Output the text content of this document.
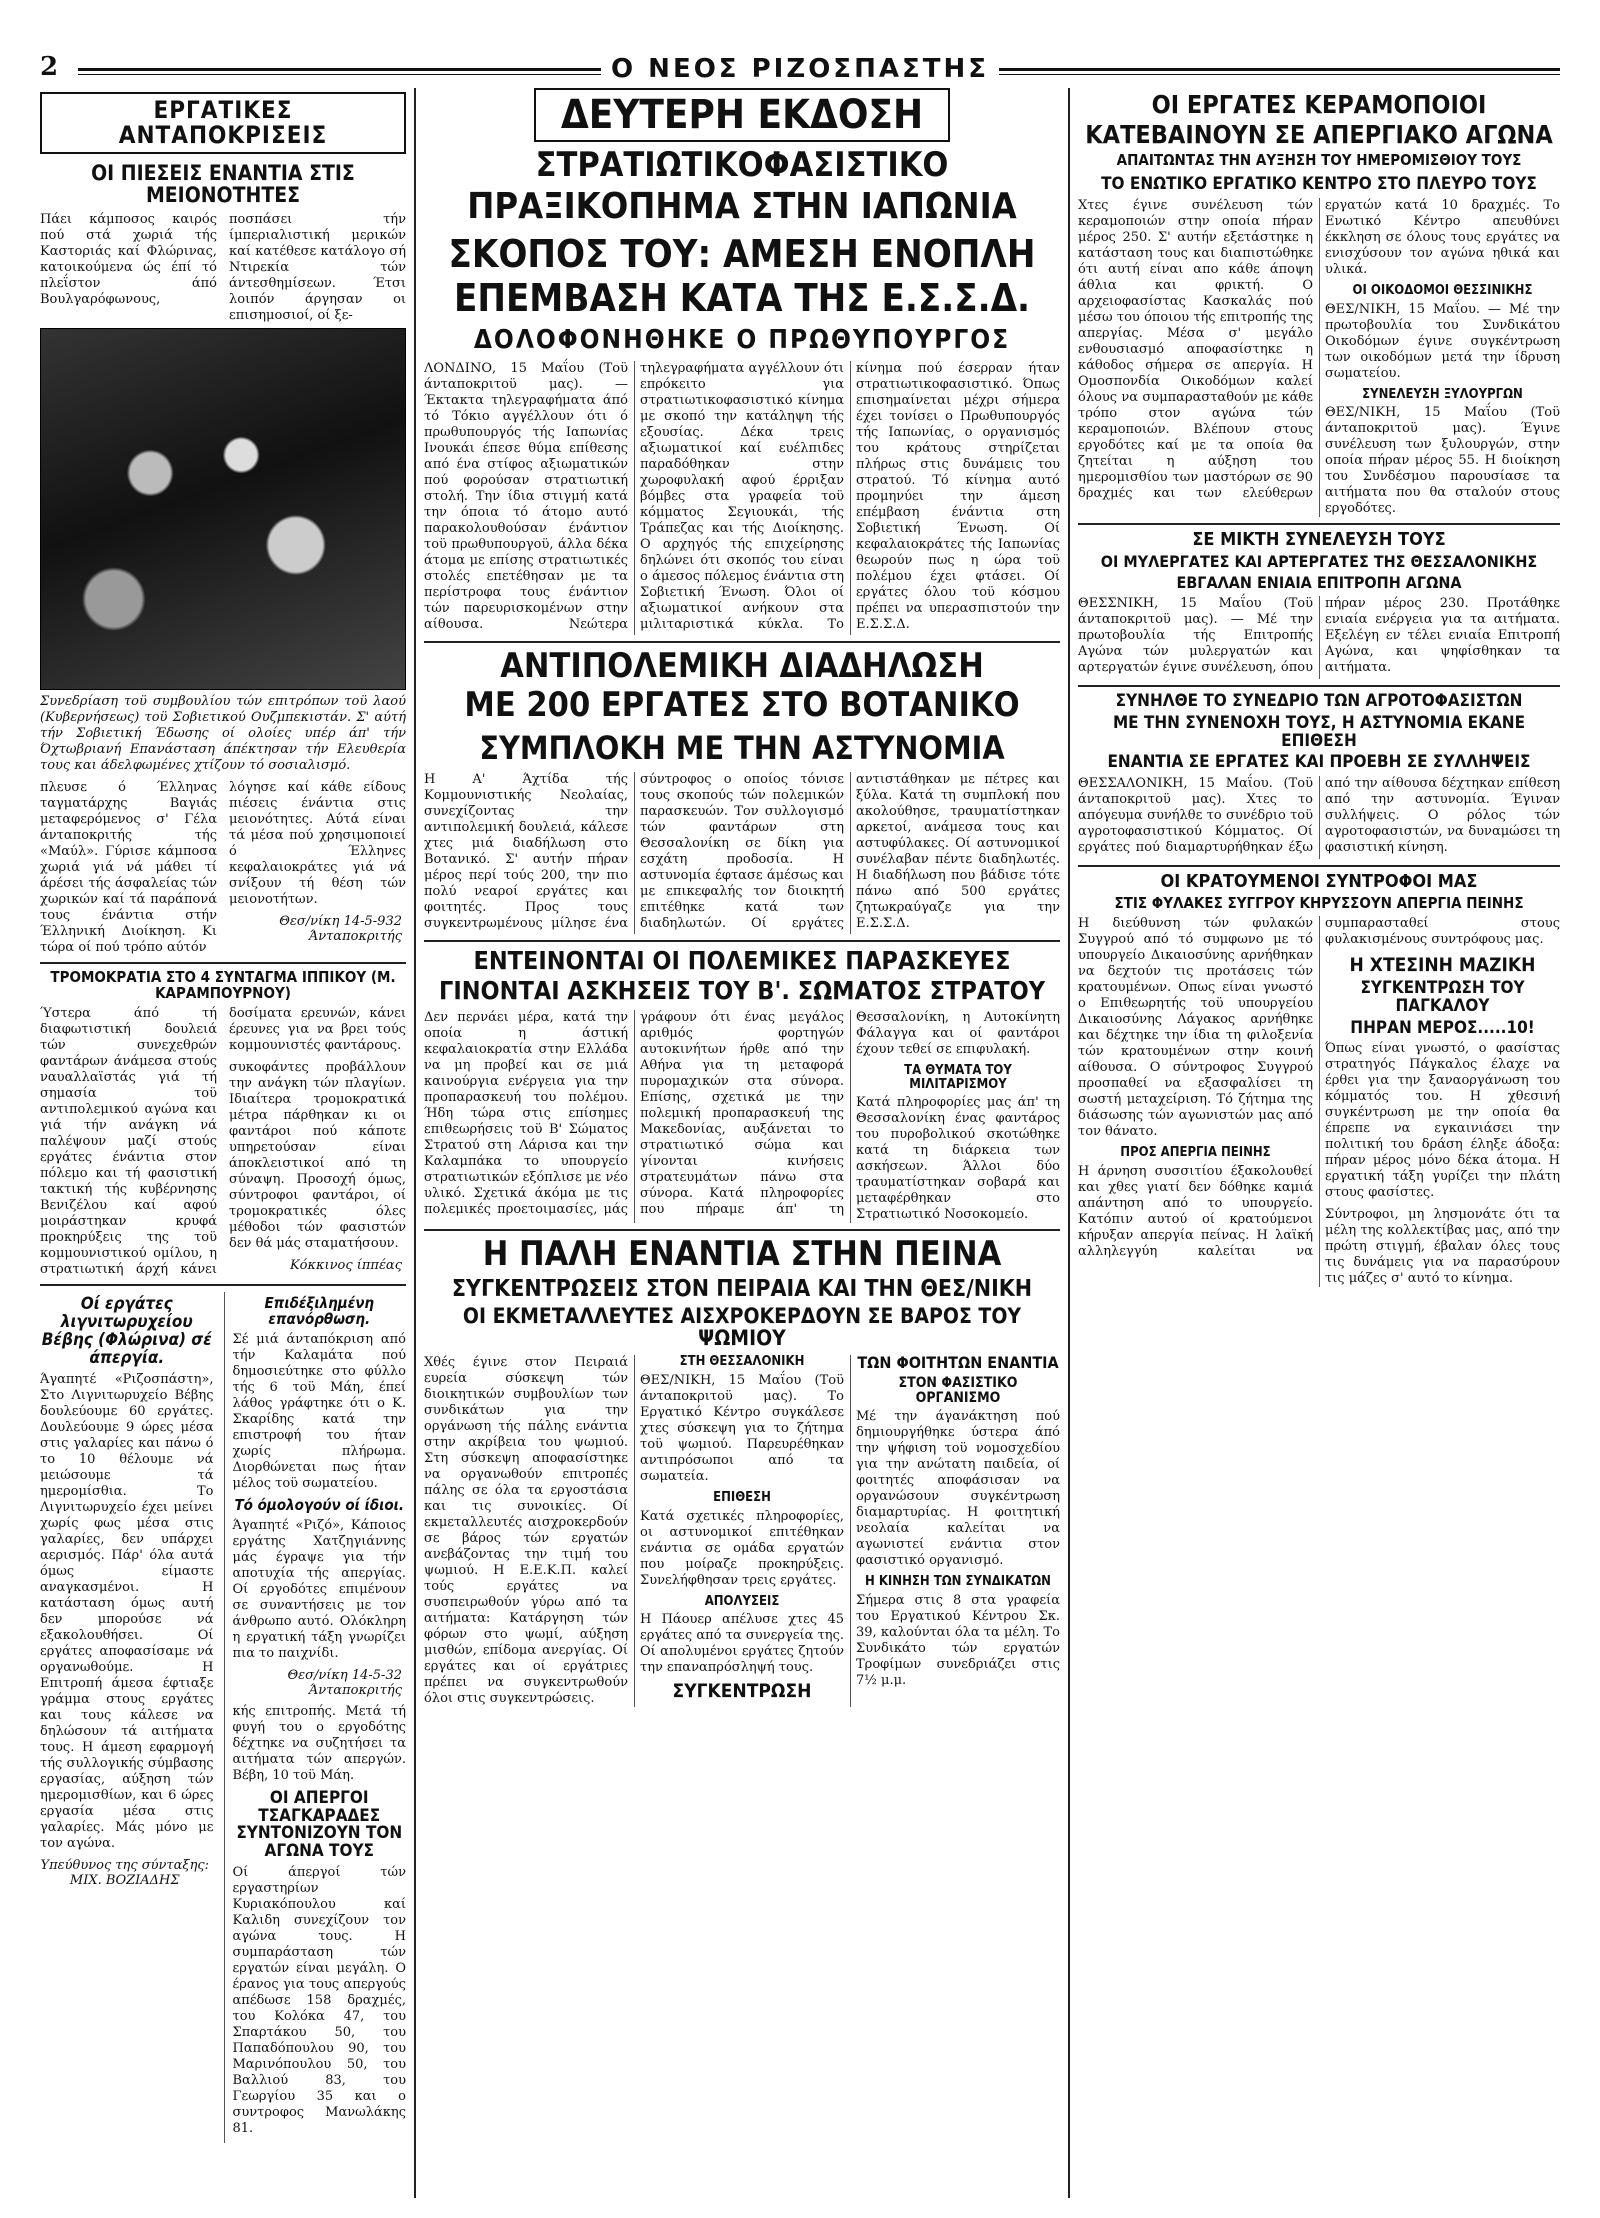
2	Ο ΝΕΟΣ ΡΙΖΟΣΠΑΣΤΗΣ
ΕΡΓΑΤΙΚΕΣ ΑΝΤΑΠΟΚΡΙΣΕΙΣ
ΟΙ ΠΙΕΣΕΙΣ ΕΝΑΝΤΙΑ ΣΤΙΣ ΜΕΙΟΝΟΤΗΤΕΣ

Πάει κάμποσος καιρός πού στά χωριά τής Καστοριάς καί Φλώρινας, κατοικούμενα ώς έπί τό πλεΐστον άπό Βουλγαρόφωνους,

ποσπάσει τήν ίμπεριαλιστική μερικών καί κατέθεσε κατάλογο σή Ντιρεκία τών άντεσθημίσεων. Έτσι λοιπόν άργησαν οι επισημοσιοί, οί ξε-

Συνεδρίαση τοϋ συμβουλίου τών επιτρόπων τοϋ λαού (Κυβερνήσεως) τοϋ Σοβιετικού Ουζμπεκιστάν. Σ' αύτή τήν Σοβιετική Έδωσης οί ολοίες υπέρ άπ' τήν Όχτωβριανή Επανάσταση άπέκτησαν τήν Ελευθερία τους και άδελφωμένες χτίζουν τό σοσιαλισμό.

πλευσε ό Έλληνας ταγματάρχης Βαγιάς μεταφερόμενος σ' Γέλα άνταποκριτής τής «Μαύλ». Γύρισε κάμποσα χωριά γιά νά μάθει τί άρέσει τής άσφαλείας τών χωρικών καί τά παράπονά τους ένάντια στήν Έλληνική Διοίκηση. Κι τώρα οί πού τρόπο αύτόν

λόγησε καί κάθε είδους πιέσεις ένάντια στις μειονότητες. Αύτά είναι τά μέσα πού χρησιμοποιεί ό Έλληνες κεφαλαιοκράτες γιά νά σνίξουν τή θέση τών μειονοτήτων.

Θεσ/νίκη 14-5-932 Άνταποκριτής
ΤΡΟΜΟΚΡΑΤΙΑ ΣΤΟ 4 ΣΥΝΤΑΓΜΑ ΙΠΠΙΚΟΥ (Μ. ΚΑΡΑΜΠΟΥΡΝΟΥ)

Ύστερα άπό τή διαφωτιστική δουλειά τών συνεχεθρών φαντάρων άνάμεσα στούς ναυαλλαϊστάς γιά τή σημασία τοϋ αντιπολεμικού αγώνα και γιά τήν ανάγκη νά παλέψουν μαζί στούς εργάτες ένάντια στον πόλεμο και τή φασιστική τακτική τής κυβέρνησης Βενιζέλου καί αφού μοιράστηκαν κρυφά προκηρύξεις της τοϋ κομμουνιστικού ομίλου, η στρατιωτική άρχή κάνει δοσίματα ερευνών, κάνει έρευνες για να βρει τούς κομμουνιστές φαντάρους.

συκοφάντες προβάλλουν την ανάγκη τών πλαγίων. Ιδιαίτερα τρομοκρατικά μέτρα πάρθηκαν κι οι φαντάροι πού κάποτε υπηρετούσαν είναι άποκλειστικοί από τη σύναψη. Προσοχή όμως, σύντροφοι φαντάροι, οί τρομοκρατικές όλες μέθοδοι τών φασιστών δεν θά μάς σταματήσουν.

Κόκκινος ίππέας
Οί εργάτες λιγνιτωρυχείου Βέβης (Φλώρινα) σέ άπεργία.

Άγαπητέ «Ριζοσπάστη», Στο Λιγνιτωρυχείο Βέβης δουλεύουμε 60 εργάτες. Δουλεύουμε 9 ώρες μέσα στις γαλαρίες και πάνω ό το 10 θέλουμε νά μειώσουμε τά ημερομίσθια. Το Λιγνιτωρυχείο έχει μείνει χωρίς φως μέσα στις γαλαρίες, δεν υπάρχει αερισμός. Πάρ' όλα αυτά όμως είμαστε αναγκασμένοι. Η κατάσταση όμως αυτή δεν μπορούσε νά εξακολουθήσει. Οί εργάτες αποφασίσαμε νά οργανωθούμε. Η Επιτροπή άμεσα έφτιαξε γράμμα στους εργάτες και τους κάλεσε να δηλώσουν τά αιτήματα τους. Η άμεση εφαρμογή τής συλλογικής σύμβασης εργασίας, αύξηση τών ημερομισθίων, και 6 ώρες εργασία μέσα στις γαλαρίες. Μάς μόνο με τον αγώνα.

Υπεύθυνος της σύνταξης: ΜΙΧ. ΒΟΖΙΑΔΗΣ
Επιδέξιλημένη επανόρθωση.

Σέ μιά άνταπόκριση από τήν Καλαμάτα πού δημοσιεύτηκε στο φύλλο τής 6 τοϋ Μάη, έπεί λάθος γράφτηκε ότι ο Κ. Σκαρίδης κατά την επιστροφή του ήταν χωρίς πλήρωμα. Διορθώνεται πως ήταν μέλος τοϋ σωματείου.

Τό όμολογούν οί ίδιοι.

Άγαπητέ «Ριζό», Κάποιος εργάτης Χατζηγιάννης μάς έγραψε για τήν αποτυχία τής απεργίας. Οί εργοδότες επιμένουν σε συναντήσεις με τον άνθρωπο αυτό. Ολόκληρη η εργατική τάξη γνωρίζει πια το παιχνίδι.

Θεσ/νίκη 14-5-32 Άνταποκριτής

κής επιτροπής. Μετά τή φυγή του ο εργοδότης δέχτηκε να συζητήσει τα αιτήματα τών απεργών. Βέβη, 10 τοϋ Μάη.

ΟΙ ΑΠΕΡΓΟΙ ΤΣΑΓΚΑΡΑΔΕΣ ΣΥΝΤΟΝΙΖΟΥΝ ΤΟΝ ΑΓΩΝΑ ΤΟΥΣ

Οί άπεργοί τών εργαστηρίων Κυριακόπουλου καί Καλιδη συνεχίζουν τον αγώνα τους. Η συμπαράσταση τών εργατών είναι μεγάλη. Ο έρανος για τους απεργούς απέδωσε 158 δραχμές, του Κολόκα 47, του Σπαρτάκου 50, του Παπαδόπουλου 90, του Μαρινόπουλου 50, του Βαλλιού 83, του Γεωργίου 35 και ο συντροφος Μανωλάκης 81.

ΔΕΥΤΕΡΗ ΕΚΔΟΣΗ
ΣΤΡΑΤΙΩΤΙΚΟΦΑΣΙΣΤΙΚΟ
ΠΡΑΞΙΚΟΠΗΜΑ ΣΤΗΝ ΙΑΠΩΝΙΑ
ΣΚΟΠΟΣ ΤΟΥ: ΑΜΕΣΗ ΕΝΟΠΛΗ
ΕΠΕΜΒΑΣΗ ΚΑΤΑ ΤΗΣ Ε.Σ.Σ.Δ.
ΔΟΛΟΦΟΝΗΘΗΚΕ Ο ΠΡΩΘΥΠΟΥΡΓΟΣ

ΛΟΝΔΙΝΟ, 15 Μαΐου (Τοϋ άνταποκριτοϋ μας). — Έκτακτα τηλεγραφήματα άπό τό Τόκιο αγγέλλουν ότι ό πρωθυπουργός τής Ιαπωνίας Ινουκάι έπεσε θύμα επίθεσης από ένα στίφος αξιωματικών πού φορούσαν στρατιωτική στολή. Την ίδια στιγμή κατά την όποια τό άτομο αυτό παρακολουθούσαν ένάντιον τοϋ πρωθυπουργοϋ, άλλα δέκα άτομα με επίσης στρατιωτικές στολές επετέθησαν με τα περίστροφα τους ένάντιον τών παρευρισκομένων στην αίθουσα. Νεώτερα τηλεγραφήματα αγγέλλουν ότι επρόκειτο για στρατιωτικοφασιστικό κίνημα με σκοπό την κατάληψη τής εξουσίας. Δέκα τρεις αξιωματικοί καί ευέλπιδες παραδόθηκαν στην χωροφυλακή αφού έρριξαν βόμβες στα γραφεία τοϋ κόμματος Σεγιουκάι, τής Τράπεζας και τής Διοίκησης. Ο αρχηγός τής επιχείρησης δηλώνει ότι σκοπός του είναι ο άμεσος πόλεμος ένάντια στη Σοβιετική Ένωση. Όλοι οί αξιωματικοί ανήκουν στα μιλιταριστικά κύκλα. Το κίνημα πού έσερραν ήταν στρατιωτικοφασιστικό. Όπως επισημαίνεται μέχρι σήμερα έχει τονίσει ο Πρωθυπουργός τής Ιαπωνίας, ο οργανισμός του κράτους στηρίζεται πλήρως στις δυνάμεις του στρατού. Τό κίνημα αυτό προμηνύει την άμεση επέμβαση ένάντια στη Σοβιετική Ένωση. Οί κεφαλαιοκράτες τής Ιαπωνίας θεωρούν πως η ώρα τοϋ πολέμου έχει φτάσει. Οί εργάτες όλου τοϋ κόσμου πρέπει να υπερασπιστούν την Ε.Σ.Σ.Δ.

ΑΝΤΙΠΟΛΕΜΙΚΗ ΔΙΑΔΗΛΩΣΗ
ΜΕ 200 ΕΡΓΑΤΕΣ ΣΤΟ ΒΟΤΑΝΙΚΟ
ΣΥΜΠΛΟΚΗ ΜΕ ΤΗΝ ΑΣΤΥΝΟΜΙΑ

Η Α' Άχτίδα τής Κομμουνιστικής Νεολαίας, συνεχίζοντας την αντιπολεμική δουλειά, κάλεσε χτες μιά διαδήλωση στο Βοτανικό. Σ' αυτήν πήραν μέρος περί τούς 200, την πιο πολύ νεαροί εργάτες και φοιτητές. Προς τους συγκεντρωμένους μίλησε ένα σύντροφος ο οποίος τόνισε τους σκοπούς τών πολεμικών παρασκευών. Τον συλλογισμό τών φαντάρων στη Θεσσαλονίκη σε δίκη για εσχάτη προδοσία. Η αστυνομία έφτασε άμέσως και με επικεφαλής τον διοικητή επιτέθηκε κατά των διαδηλωτών. Οί εργάτες αντιστάθηκαν με πέτρες και ξύλα. Κατά τη συμπλοκή που ακολούθησε, τραυματίστηκαν αρκετοί, ανάμεσα τους και αστυφύλακες. Οί αστυνομικοί συνέλαβαν πέντε διαδηλωτές. Η διαδήλωση που βάδισε τότε πάνω από 500 εργάτες ζητωκραύγαζε για την Ε.Σ.Σ.Δ.

ΕΝΤΕΙΝΟΝΤΑΙ ΟΙ ΠΟΛΕΜΙΚΕΣ ΠΑΡΑΣΚΕΥΕΣ
ΓΙΝΟΝΤΑΙ ΑΣΚΗΣΕΙΣ ΤΟΥ Β'. ΣΩΜΑΤΟΣ ΣΤΡΑΤΟΥ

Δεν περνάει μέρα, κατά την οποία η άστική κεφαλαιοκρατία στην Ελλάδα να μη προβεί και σε μιά καινούργια ενέργεια για την προπαρασκευή του πολέμου. Ήδη τώρα στις επίσημες επιθεωρήσεις τοϋ Β' Σώματος Στρατού στη Λάρισα και την Καλαμπάκα το υπουργείο στρατιωτικών εξόπλισε με νέο υλικό. Σχετικά άκόμα με τις πολεμικές προετοιμασίες, μάς γράφουν ότι ένας μεγάλος αριθμός φορτηγών αυτοκινήτων ήρθε από την Αθήνα για τη μεταφορά πυρομαχικών στα σύνορα. Επίσης, σχετικά με την πολεμική προπαρασκευή της Μακεδονίας, αυξάνεται το στρατιωτικό σώμα και γίνονται κινήσεις στρατευμάτων πάνω στα σύνορα. Κατά πληροφορίες που πήραμε άπ' τη Θεσσαλονίκη, η Αυτοκίνητη Φάλαγγα και οί φαντάροι έχουν τεθεί σε επιφυλακή.

ΤΑ ΘΥΜΑΤΑ ΤΟΥ ΜΙΛΙΤΑΡΙΣΜΟΥ

Κατά πληροφορίες μας άπ' τη Θεσσαλονίκη ένας φαντάρος του πυροβολικού σκοτώθηκε κατά τη διάρκεια των ασκήσεων. Άλλοι δύο τραυματίστηκαν σοβαρά και μεταφέρθηκαν στο Στρατιωτικό Νοσοκομείο.

Η ΠΑΛΗ ΕΝΑΝΤΙΑ ΣΤΗΝ ΠΕΙΝΑ
ΣΥΓΚΕΝΤΡΩΣΕΙΣ ΣΤΟΝ ΠΕΙΡΑΙΑ ΚΑΙ ΤΗΝ ΘΕΣ/ΝΙΚΗ
ΟΙ ΕΚΜΕΤΑΛΛΕΥΤΕΣ ΑΙΣΧΡΟΚΕΡΔΟΥΝ ΣΕ ΒΑΡΟΣ ΤΟΥ ΨΩΜΙΟΥ

Χθές έγινε στον Πειραιά ευρεία σύσκεψη τών διοικητικών συμβουλίων των συνδικάτων για την οργάνωση τής πάλης ενάντια στην ακρίβεια του ψωμιού. Στη σύσκεψη αποφασίστηκε να οργανωθούν επιτροπές πάλης σε όλα τα εργοστάσια και τις συνοικίες. Οί εκμεταλλευτές αισχροκερδούν σε βάρος τών εργατών ανεβάζοντας την τιμή του ψωμιού. Η Ε.Ε.Κ.Π. καλεί τούς εργάτες να συσπειρωθούν γύρω από τα αιτήματα: Κατάργηση τών φόρων στο ψωμί, αύξηση μισθών, επίδομα ανεργίας. Οί εργάτες και οί εργάτριες πρέπει να συγκεντρωθούν όλοι στις συγκεντρώσεις.

ΣΤΗ ΘΕΣΣΑΛΟΝΙΚΗ

ΘΕΣ/ΝΙΚΗ, 15 Μαΐου (Τοϋ άνταποκριτοϋ μας). Το Εργατικό Κέντρο συγκάλεσε χτες σύσκεψη για το ζήτημα τοϋ ψωμιού. Παρευρέθηκαν αντιπρόσωποι από τα σωματεία.

ΕΠΙΘΕΣΗ

Κατά σχετικές πληροφορίες, οι αστυνομικοί επιτέθηκαν ενάντια σε ομάδα εργατών που μοίραζε προκηρύξεις. Συνελήφθησαν τρεις εργάτες.

ΑΠΟΛΥΣΕΙΣ

Η Πάουερ απέλυσε χτες 45 εργάτες από τα συνεργεία της. Οί απολυμένοι εργάτες ζητούν την επαναπρόσληψή τους.

ΣΥΓΚΕΝΤΡΩΣΗ
ΤΩΝ ΦΟΙΤΗΤΩΝ ΕΝΑΝΤΙΑ
ΣΤΟΝ ΦΑΣΙΣΤΙΚΟ ΟΡΓΑΝΙΣΜΟ

Μέ την άγανάκτηση πού δημιουργήθηκε ύστερα άπό την ψήφιση τοϋ νομοσχεδίου για την ανώτατη παιδεία, οί φοιτητές αποφάσισαν να οργανώσουν συγκέντρωση διαμαρτυρίας. Η φοιτητική νεολαία καλείται να αγωνιστεί ενάντια στον φασιστικό οργανισμό.

Η ΚΙΝΗΣΗ ΤΩΝ ΣΥΝΔΙΚΑΤΩΝ

Σήμερα στις 8 στα γραφεία του Εργατικού Κέντρου Σκ. 39, καλούνται όλα τα μέλη. Το Συνδικάτο τών εργατών Τροφίμων συνεδριάζει στις 7½ μ.μ.

ΟΙ ΕΡΓΑΤΕΣ ΚΕΡΑΜΟΠΟΙΟΙ
ΚΑΤΕΒΑΙΝΟΥΝ ΣΕ ΑΠΕΡΓΙΑΚΟ ΑΓΩΝΑ
ΑΠΑΙΤΩΝΤΑΣ ΤΗΝ ΑΥΞΗΣΗ ΤΟΥ ΗΜΕΡΟΜΙΣΘΙΟΥ ΤΟΥΣ
ΤΟ ΕΝΩΤΙΚΟ ΕΡΓΑΤΙΚΟ ΚΕΝΤΡΟ ΣΤΟ ΠΛΕΥΡΟ ΤΟΥΣ

Χτες έγινε συνέλευση τών κεραμοποιών στην οποία πήραν μέρος 250. Σ' αυτήν εξετάστηκε η κατάσταση τους και διαπιστώθηκε ότι αυτή είναι απο κάθε άποψη άθλια και φρικτή. Ο αρχειοφασίστας Κασκαλάς πού μέσω του όποιου τής επιτροπής της απεργίας. Μέσα σ' μεγάλο ενθουσιασμό αποφασίστηκε η κάθοδος σήμερα σε απεργία. Η Ομοσπονδία Οικοδόμων καλεί όλους να συμπαρασταθούν με κάθε τρόπο στον αγώνα τών κεραμοποιών. Βλέπουν στους εργοδότες καί με τα οποία θα ζητείται η αύξηση του ημερομισθίου των μαστόρων σε 90 δραχμές και των ελεύθερων εργατών κατά 10 δραχμές. Το Ενωτικό Κέντρο απευθύνει έκκληση σε όλους τους εργάτες να ενισχύσουν τον αγώνα ηθικά και υλικά.

ΟΙ ΟΙΚΟΔΟΜΟΙ ΘΕΣΣΙΝΙΚΗΣ

ΘΕΣ/ΝΙΚΗ, 15 Μαΐου. — Μέ την πρωτοβουλία του Συνδικάτου Οικοδόμων έγινε συγκέντρωση των οικοδόμων μετά την ίδρυση σωματείου.

ΣΥΝΕΛΕΥΣΗ ΞΥΛΟΥΡΓΩΝ

ΘΕΣ/ΝΙΚΗ, 15 Μαΐου (Τοϋ άνταποκριτοϋ μας). Έγινε συνέλευση των ξυλουργών, στην οποία πήραν μέρος 55. Η διοίκηση του Συνδέσμου παρουσίασε τα αιτήματα που θα σταλούν στους εργοδότες.

ΣΕ ΜΙΚΤΗ ΣΥΝΕΛΕΥΣΗ ΤΟΥΣ
ΟΙ ΜΥΛΕΡΓΑΤΕΣ ΚΑΙ ΑΡΤΕΡΓΑΤΕΣ ΤΗΣ ΘΕΣΣΑΛΟΝΙΚΗΣ
ΕΒΓΑΛΑΝ ΕΝΙΑΙΑ ΕΠΙΤΡΟΠΗ ΑΓΩΝΑ

ΘΕΣΣΝΙΚΗ, 15 Μαΐου (Τοϋ άνταποκριτοϋ μας). — Μέ την πρωτοβουλία τής Επιτροπής Αγώνα τών μυλεργατών και αρτεργατών έγινε συνέλευση, όπου πήραν μέρος 230. Προτάθηκε ενιαία ενέργεια για τα αιτήματα. Εξελέγη εν τέλει ενιαία Επιτροπή Αγώνα, και ψηφίσθηκαν τα αιτήματα.

ΣΥΝΗΛΘΕ ΤΟ ΣΥΝΕΔΡΙΟ ΤΩΝ ΑΓΡΟΤΟΦΑΣΙΣΤΩΝ
ΜΕ ΤΗΝ ΣΥΝΕΝΟΧΗ ΤΟΥΣ, Η ΑΣΤΥΝΟΜΙΑ ΕΚΑΝΕ ΕΠΙΘΕΣΗ
ΕΝΑΝΤΙΑ ΣΕ ΕΡΓΑΤΕΣ ΚΑΙ ΠΡΟΕΒΗ ΣΕ ΣΥΛΛΗΨΕΙΣ

ΘΕΣΣΑΛΟΝΙΚΗ, 15 Μαΐου. (Τοϋ άνταποκριτοϋ μας). Χτες το απόγευμα συνήλθε το συνέδριο τοϋ αγροτοφασιστικού Κόμματος. Οί εργάτες πού διαμαρτυρήθηκαν έξω από την αίθουσα δέχτηκαν επίθεση από την αστυνομία. Έγιναν συλλήψεις. Ο ρόλος τών αγροτοφασιστών, να δυναμώσει τη φασιστική κίνηση.

ΟΙ ΚΡΑΤΟΥΜΕΝΟΙ ΣΥΝΤΡΟΦΟΙ ΜΑΣ
ΣΤΙΣ ΦΥΛΑΚΕΣ ΣΥΓΓΡΟΥ ΚΗΡΥΣΣΟΥΝ ΑΠΕΡΓΙΑ ΠΕΙΝΗΣ

Η διεύθυνση τών φυλακών Συγγρού από τό συμφωνο με τό υπουργείο Δικαιοσύνης αρνήθηκαν να δεχτούν τις προτάσεις τών κρατουμένων. Οπως είναι γνωστό ο Επιθεωρητής τοϋ υπουργείου Δικαιοσύνης Λάγακος αρνήθηκε και δέχτηκε την ίδια τη φιλοξενία τών κρατουμένων στην κοινή αίθουσα. Ο σύντροφος Συγγρού προσπαθεί να εξασφαλίσει τη σωστή μεταχείριση. Τό ζήτημα της διάσωσης τών αγωνιστών μας από τον θάνατο.

ΠΡΟΣ ΑΠΕΡΓΙΑ ΠΕΙΝΗΣ

Η άρνηση συσσιτίου έξακολουθεί και χθες γιατί δεν δόθηκε καμιά απάντηση από το υπουργείο. Κατόπιν αυτού οί κρατούμενοι κήρυξαν απεργία πείνας. Η λαϊκή αλληλεγγύη καλείται να συμπαρασταθεί στους φυλακισμένους συντρόφους μας.

Η ΧΤΕΣΙΝΗ ΜΑΖΙΚΗ
ΣΥΓΚΕΝΤΡΩΣΗ ΤΟΥ ΠΑΓΚΑΛΟΥ
ΠΗΡΑΝ ΜΕΡΟΣ.....10!

Όπως είναι γνωστό, ο φασίστας στρατηγός Πάγκαλος έλαχε να έρθει για την ξαναοργάνωση του κόμματός του. Η χθεσινή συγκέντρωση με την οποία θα έπρεπε να εγκαινιάσει την πολιτική του δράση έληξε άδοξα: πήραν μέρος μόνο δέκα άτομα. Η εργατική τάξη γυρίζει την πλάτη στους φασίστες.

Σύντροφοι, μη λησμονάτε ότι τα μέλη της κολλεκτίβας μας, από την πρώτη στιγμή, έβαλαν όλες τους τις δυνάμεις για να παρασύρουν τις μάζες σ' αυτό το κίνημα.
